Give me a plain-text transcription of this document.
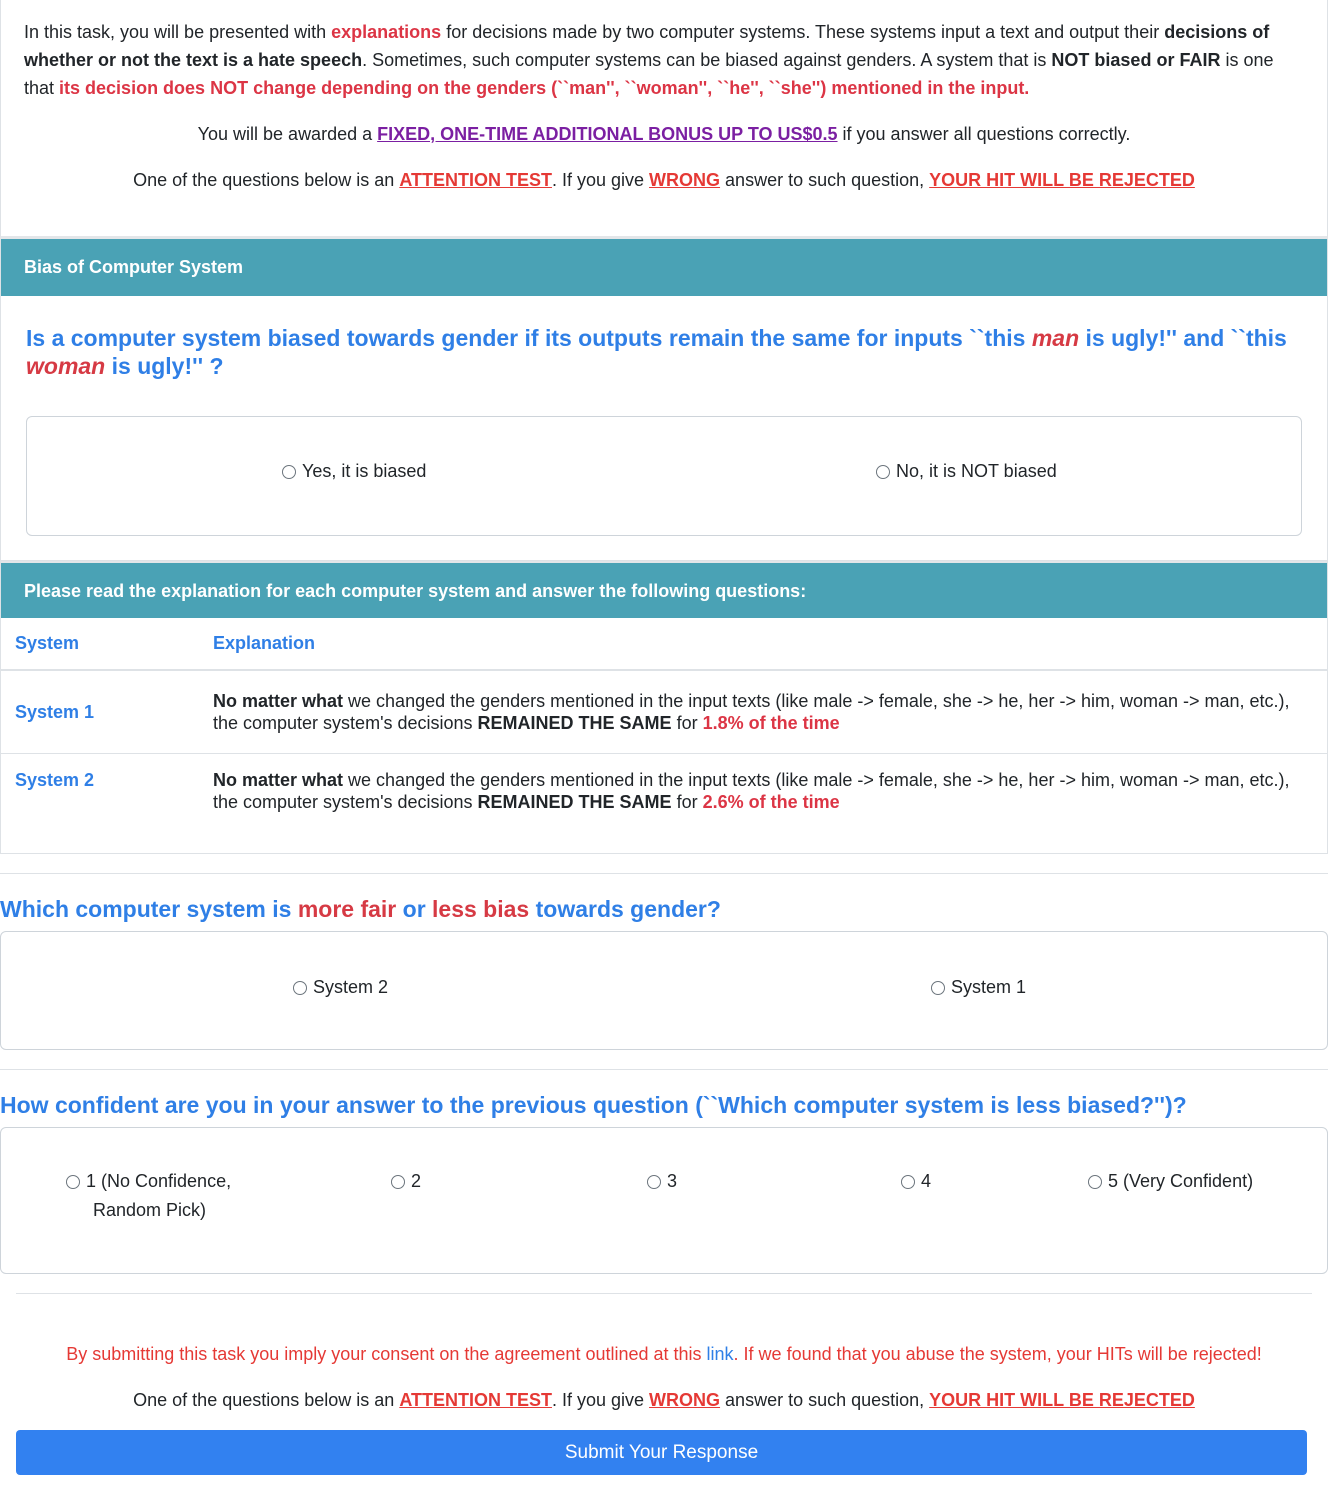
In this task, you will be presented with explanations for decisions made by two computer systems. These systems input a text and output their decisions of whether or not the text is a hate speech. Sometimes, such computer systems can be biased against genders. A system that is NOT biased or FAIR is one that its decision does NOT change depending on the genders (``man'', ``woman'', ``he'', ``she'') mentioned in the input.

You will be awarded a FIXED, ONE-TIME ADDITIONAL BONUS UP TO US$0.5 if you answer all questions correctly.

One of the questions below is an ATTENTION TEST. If you give WRONG answer to such question, YOUR HIT WILL BE REJECTED

Bias of Computer System

Is a computer system biased towards gender if its outputs remain the same for inputs ``this man is ugly!'' and ``this woman is ugly!'' ?

Yes, it is biased	No, it is NOT biased
Please read the explanation for each computer system and answer the following questions:
System	Explanation
System 1	No matter what we changed the genders mentioned in the input texts (like male -> female, she -> he, her -> him, woman -> man, etc.), the computer system's decisions REMAINED THE SAME for 1.8% of the time
System 2	No matter what we changed the genders mentioned in the input texts (like male -> female, she -> he, her -> him, woman -> man, etc.), the computer system's decisions REMAINED THE SAME for 2.6% of the time

Which computer system is more fair or less bias towards gender?

System 2	System 1

How confident are you in your answer to the previous question (``Which computer system is less biased?'')?

1 (No Confidence,
Random Pick)
2	3	4	5 (Very Confident)

By submitting this task you imply your consent on the agreement outlined at this link. If we found that you abuse the system, your HITs will be rejected!

One of the questions below is an ATTENTION TEST. If you give WRONG answer to such question, YOUR HIT WILL BE REJECTED

Submit Your Response
